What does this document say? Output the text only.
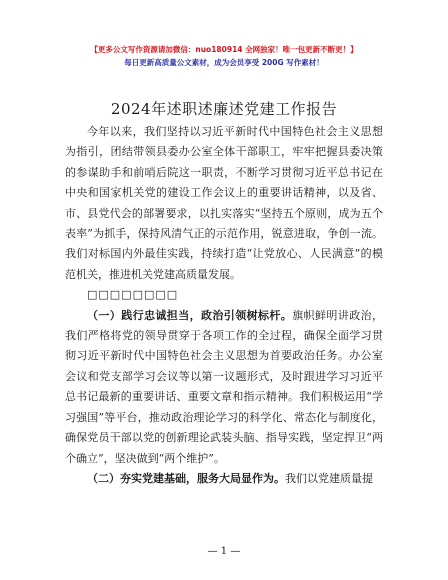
【更多公文写作资源请加微信：nuo180914 全网独家！唯一包更新不断更！】
每日更新高质量公文素材，成为会员享受 200G 写作素材！
2024年述职述廉述党建工作报告

今年以来，我们坚持以习近平新时代中国特色社会主义思想为指引，团结带领县委办公室全体干部职工，牢牢把握县委决策的参谋助手和前哨后院这一职责，不断学习贯彻习近平总书记在中央和国家机关党的建设工作会议上的重要讲话精神，以及省、市、县党代会的部署要求，以扎实落实“坚持五个原则，成为五个表率”为抓手，保持风清气正的示范作用，锐意进取，争创一流。我们对标国内外最佳实践，持续打造“让党放心、人民满意”的模范机关，推进机关党建高质量发展。

□□□□□□□□

（一）践行忠诚担当，政治引领树标杆。旗帜鲜明讲政治，我们严格将党的领导贯穿于各项工作的全过程，确保全面学习贯彻习近平新时代中国特色社会主义思想为首要政治任务。办公室会议和党支部学习会议等以第一议题形式，及时跟进学习习近平总书记最新的重要讲话、重要文章和指示精神。我们积极运用“学习强国”等平台，推动政治理论学习的科学化、常态化与制度化，确保党员干部以党的创新理论武装头脑、指导实践，坚定捍卫“两个确立”，坚决做到“两个维护”。

（二）夯实党建基础，服务大局显作为。我们以党建质量提

— 1 —
